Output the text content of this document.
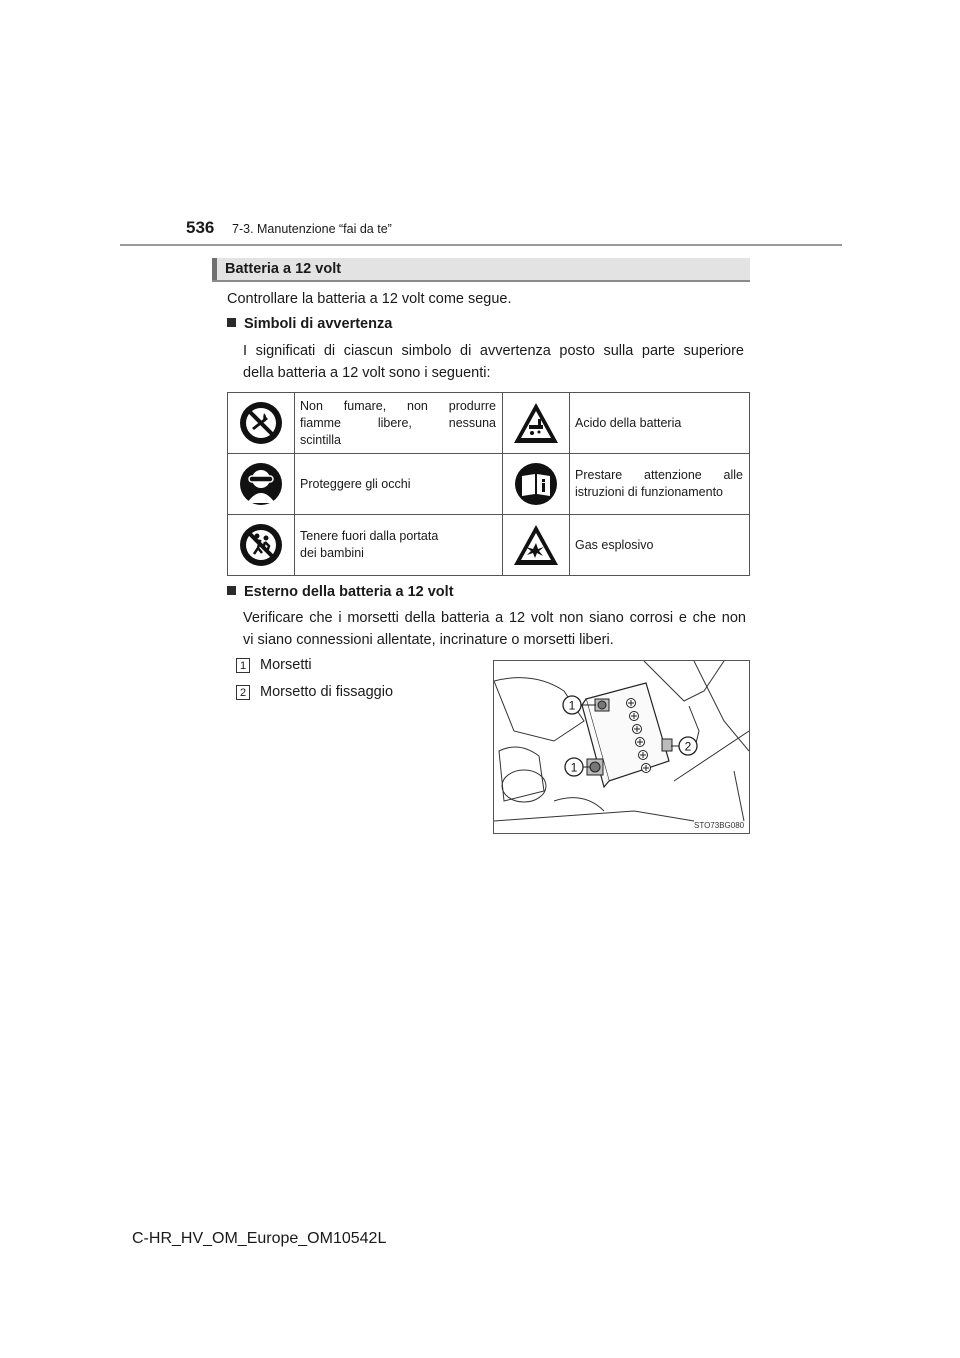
536 7-3. Manutenzione “fai da te”
Batteria a 12 volt
Controllare la batteria a 12 volt come segue.
Simboli di avvertenza
I significati di ciascun simbolo di avvertenza posto sulla parte superiore
della batteria a 12 volt sono i seguenti:

Non fumare, non produrre
fiamme libere, nessuna
scintilla		Acido della batteria

Proteggere gli occhi		Prestare attenzione alle
istruzioni di funzionamento

Tenere fuori dalla portata
dei bambini		Gas esplosivo
Esterno della batteria a 12 volt
Verificare che i morsetti della batteria a 12 volt non siano corrosi e che non
vi siano connessioni allentate, incrinature o morsetti liberi.
1 Morsetti
2 Morsetto di fissaggio
1
1
2
STO73BG080
C-HR_HV_OM_Europe_OM10542L
